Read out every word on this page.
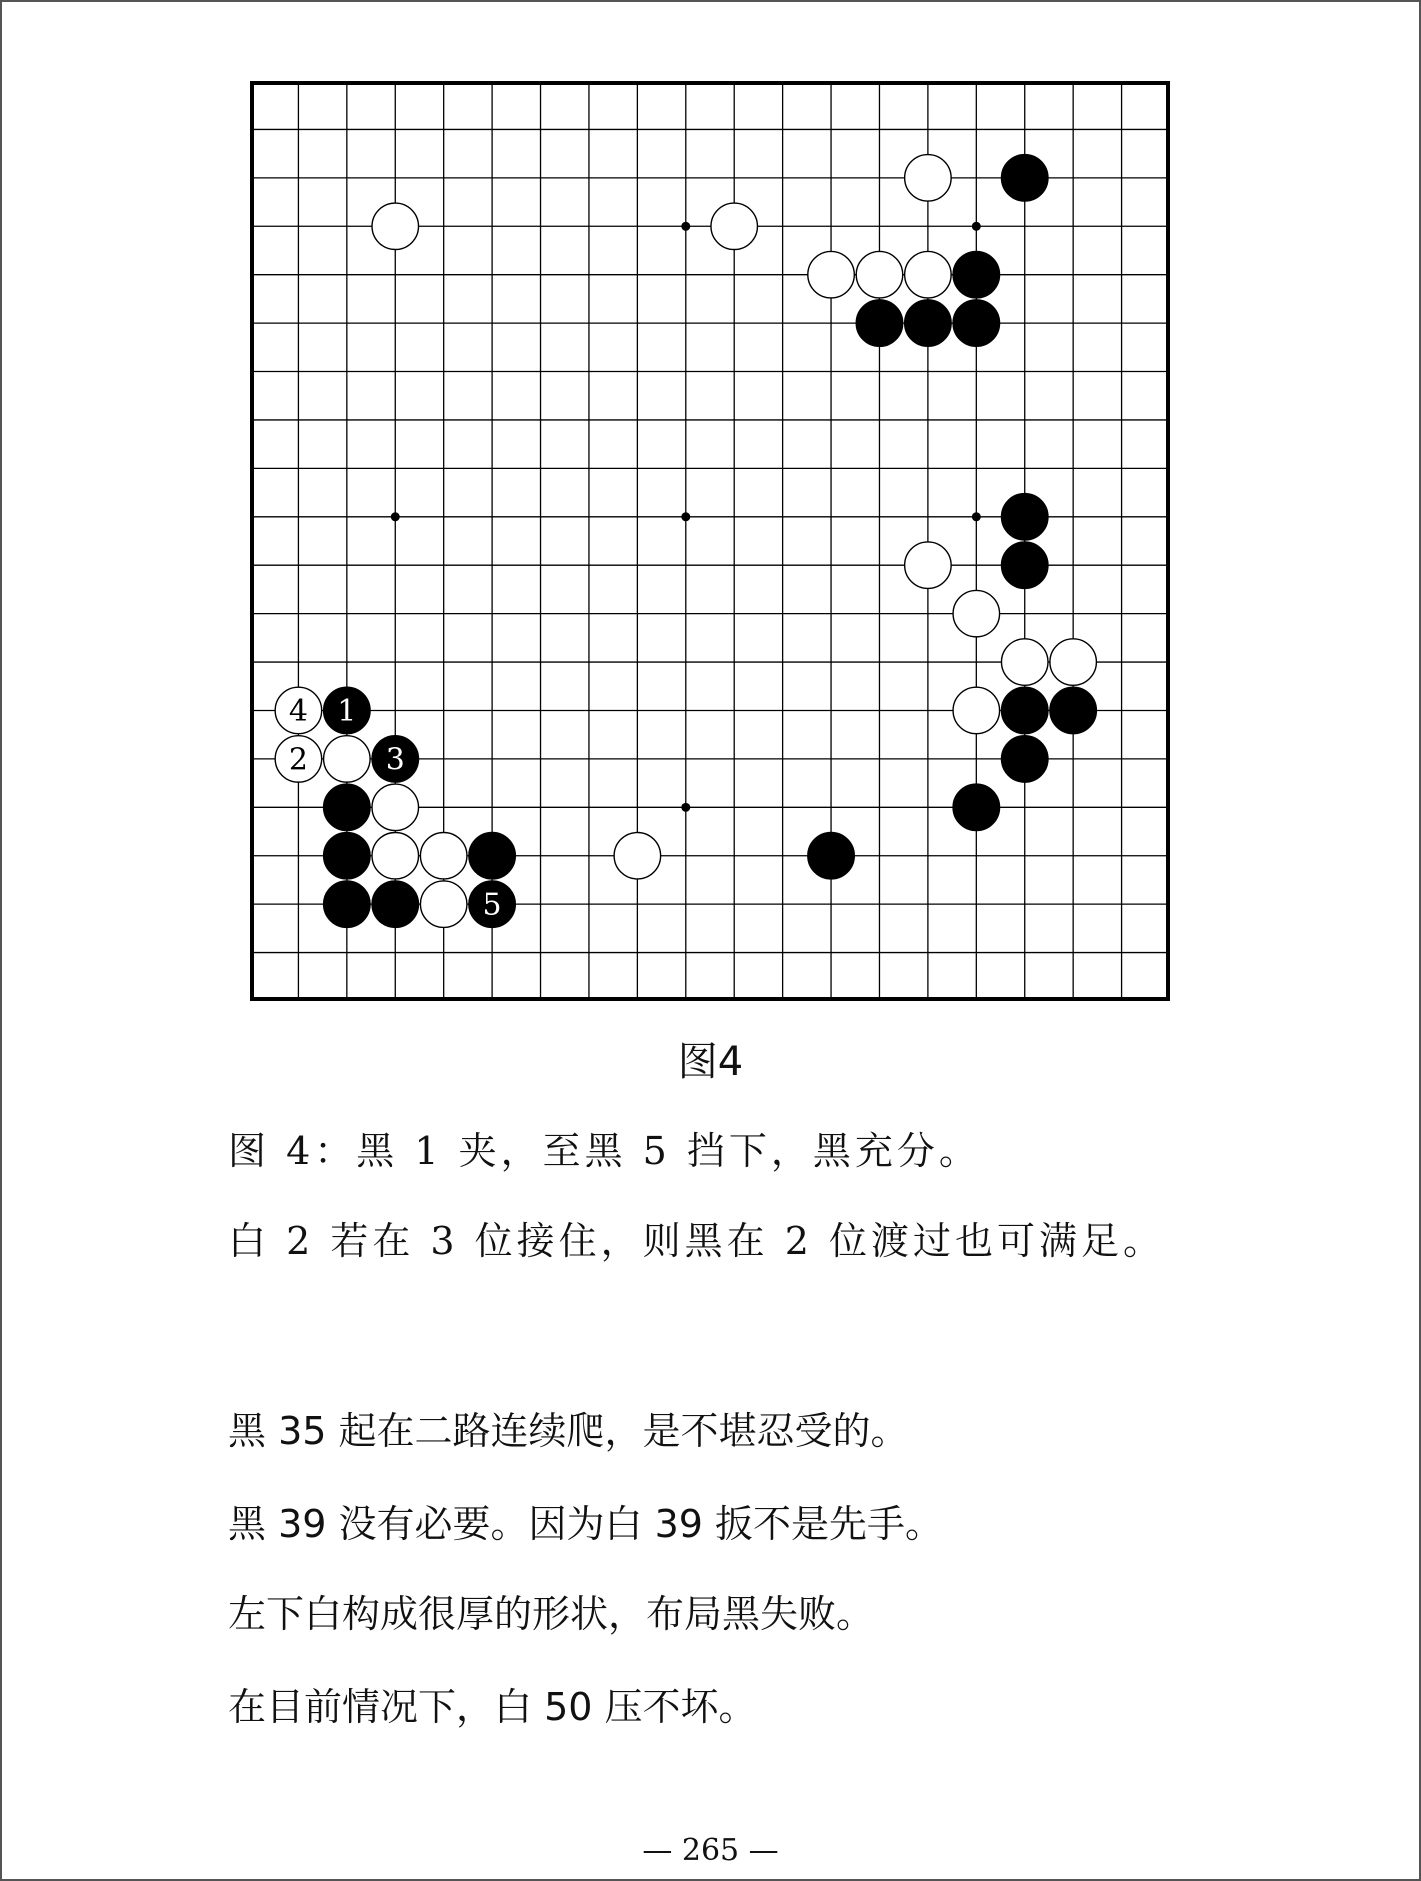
4 1
2	3
5
图4
图 4：黑 1 夹，至黑 5 挡下，黑充分。
白 2 若在 3 位接住，则黑在 2 位渡过也可满足。
黑 35 起在二路连续爬，是不堪忍受的。
黑 39 没有必要。因为白 39 扳不是先手。
左下白构成很厚的形状，布局黑失败。
在目前情况下，白 50 压不坏。
— 265 —
